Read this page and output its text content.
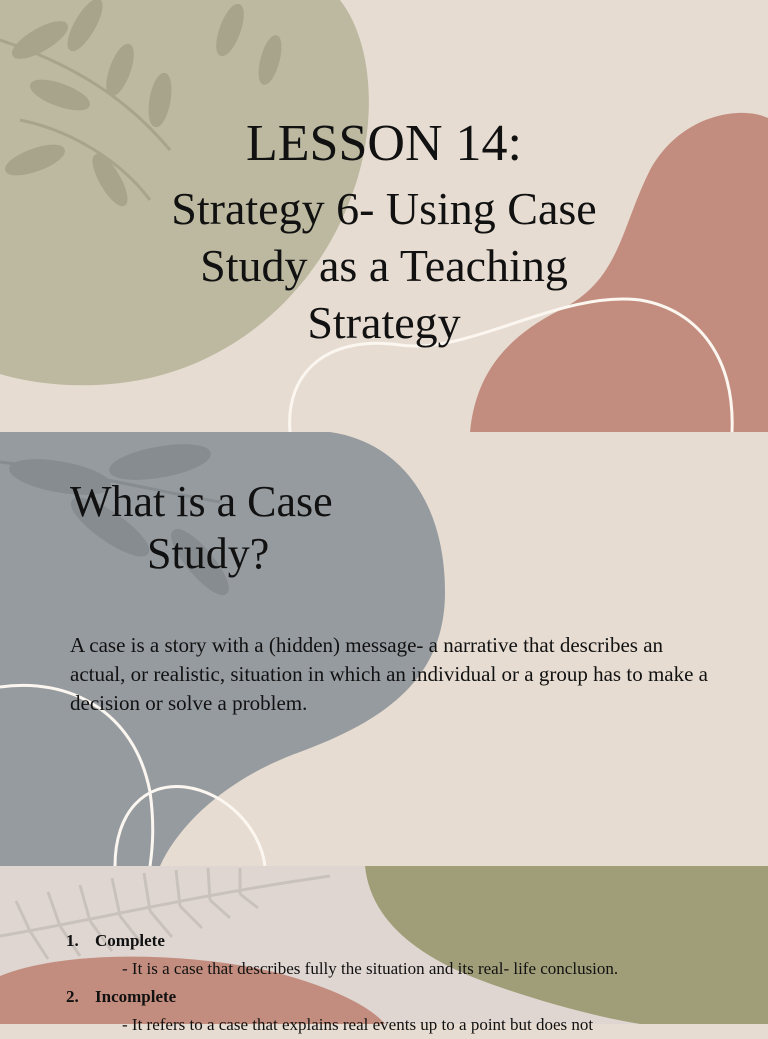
LESSON 14:
Strategy 6- Using Case Study as a Teaching Strategy
What is a Case
Study?
A case is a story with a (hidden) message- a narrative that describes an actual, or realistic, situation in which an individual or a group has to make a decision or solve a problem.
1. Complete
- It is a case that describes fully the situation and its real- life conclusion.
2. Incomplete
- It refers to a case that explains real events up to a point but does not
